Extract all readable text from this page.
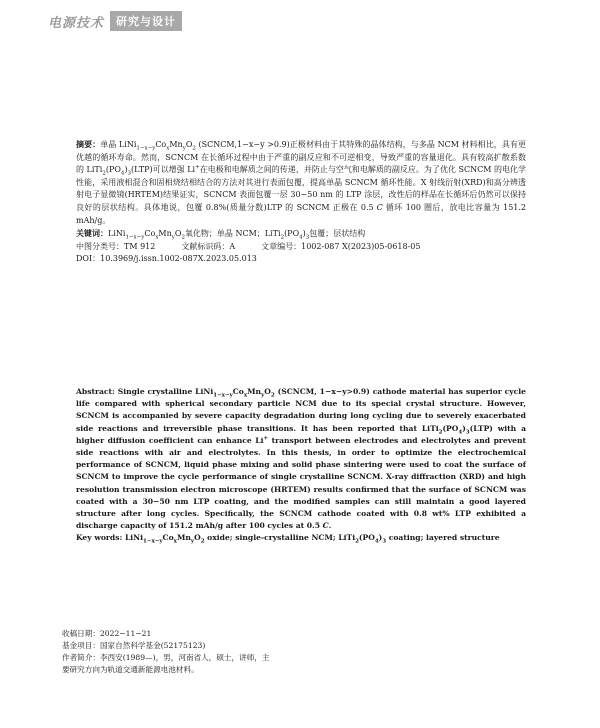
电源技术	研究与设计
摘要：单晶 $LiNi_{1-x-y}Co_xMn_yO_2$ (SCNCM,1−x−y >0.9)正极材料由于其特殊的晶体结构，与多晶 NCM 材料相比，具有更优越的循环寿命。然而，SCNCM 在长循环过程中由于严重的副反应和不可逆相变，导致严重的容量退化。具有较高扩散系数的 $LiTi_2(PO_4)_3(LTP)$可以增强 Li+在电极和电解质之间的传递，并防止与空气和电解质的副反应。为了优化 SCNCM 的电化学性能，采用液相混合和固相烧结相结合的方法对其进行表面包覆，提高单晶 SCNCM 循环性能。X 射线衍射(XRD)和高分辨透射电子显微镜(HRTEM)结果证实，SCNCM 表面包覆一层 30~50 nm 的 LTP 涂层，改性后的样品在长循环后仍然可以保持良好的层状结构。具体地说，包覆 0.8%(质量分数)LTP 的 SCNCM 正极在 0.5 C 循环 100 圈后，放电比容量为 151.2 mAh/g。
关键词：$LiNi_{1-x-y}Co_xMn_yO_2$氧化物；单晶 NCM；$LiTi_2(PO_4)_3$包覆；层状结构
中图分类号：TM 912	文献标识码：A	文章编号：1002-087 X(2023)05-0618-05
DOI：10.3969/j.issn.1002-087X.2023.05.013
Abstract: Single crystalline $LiNi_{1-x-y}Co_xMn_yO_2$ (SCNCM, 1−x−y>0.9) cathode material has superior cycle life compared with spherical secondary particle NCM due to its special crystal structure. However, SCNCM is accompanied by severe capacity degradation during long cycling due to severely exacerbated side reactions and irreversible phase transitions. It has been reported that $LiTi_2(PO_4)_3(LTP)$ with a higher diffusion coefficient can enhance Li+ transport between electrodes and electrolytes and prevent side reactions with air and electrolytes. In this thesis, in order to optimize the electrochemical performance of SCNCM, liquid phase mixing and solid phase sintering were used to coat the surface of SCNCM to improve the cycle performance of single crystalline SCNCM. X-ray diffraction (XRD) and high resolution transmission electron microscope (HRTEM) results confirmed that the surface of SCNCM was coated with a 30−50 nm LTP coating, and the modified samples can still maintain a good layered structure after long cycles. Specifically, the SCNCM cathode coated with 0.8 wt% LTP exhibited a discharge capacity of 151.2 mAh/g after 100 cycles at 0.5 C.
Key words: $LiNi_{1-x-y}Co_xMn_yO_2$ oxide; single-crystalline NCM; $LiTi_2(PO_4)_3$ coating; layered structure
收稿日期：2022−11−21
基金项目：国家自然科学基金(52175123)
作者简介：李西安(1989—)，男，河南省人，硕士，讲师，主
要研究方向为轨道交通新能源电池材料。
